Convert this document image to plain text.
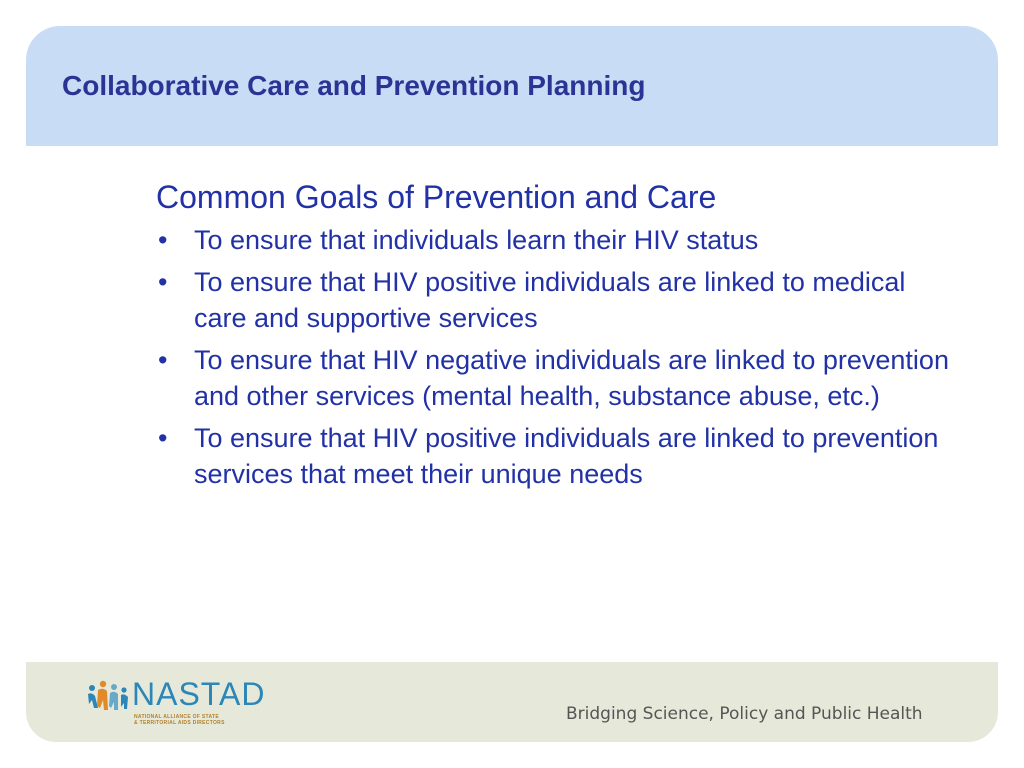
Collaborative Care and Prevention Planning
Common Goals of Prevention and Care
• To ensure that individuals learn their HIV status
• To ensure that HIV positive individuals are linked to medical care and supportive services
• To ensure that HIV negative individuals are linked to prevention and other services (mental health, substance abuse, etc.)
• To ensure that HIV positive individuals are linked to prevention services that meet their unique needs
NASTAD
NATIONAL ALLIANCE OF STATE
& TERRITORIAL AIDS DIRECTORS	Bridging Science, Policy and Public Health
